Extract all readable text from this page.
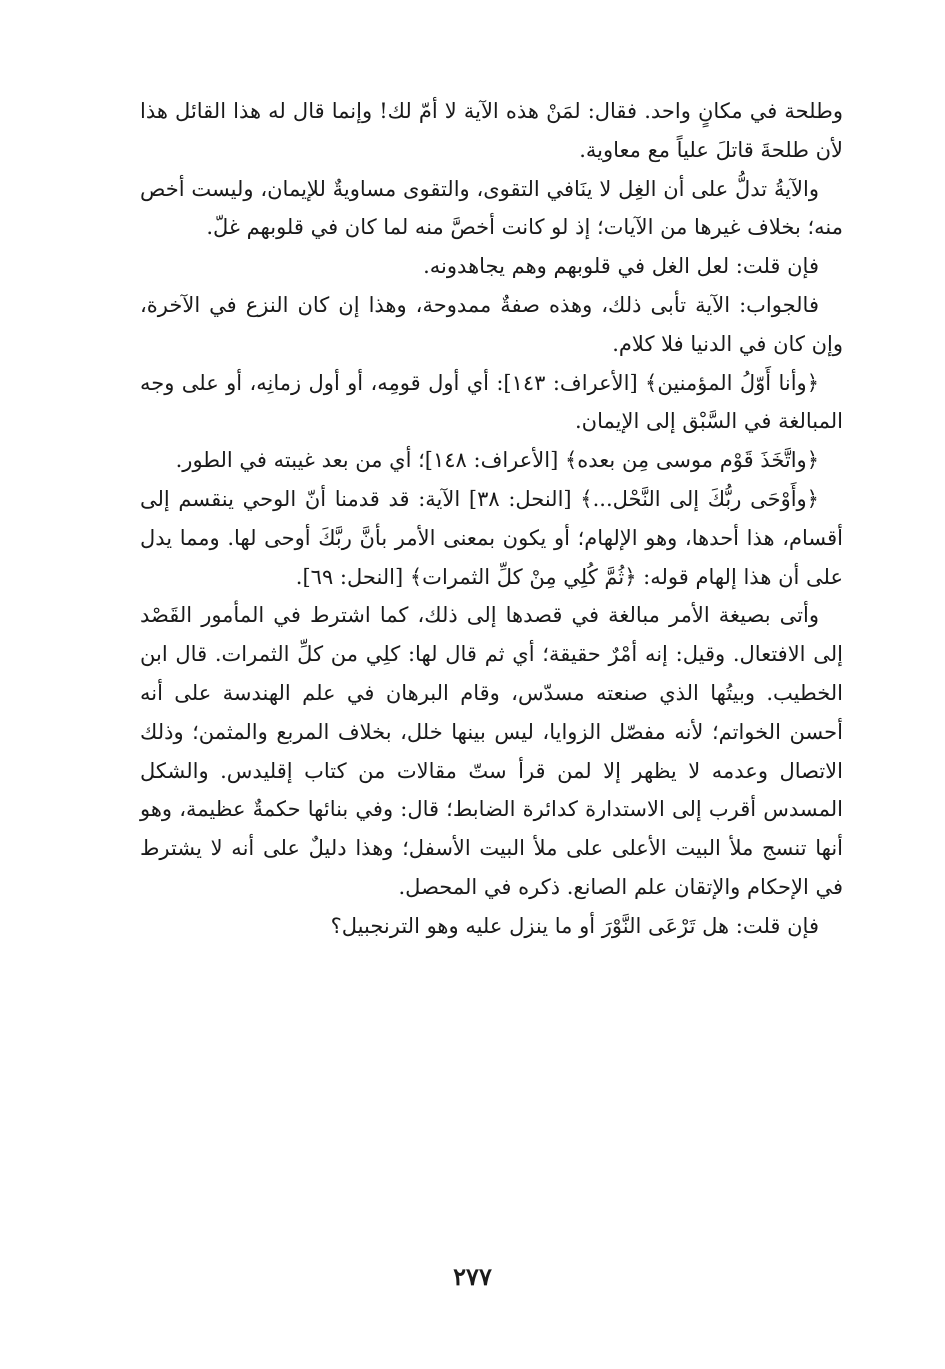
وطلحة في مكانٍ واحد. فقال: لمَنْ هذه الآية لا أمّ لك! وإنما قال له هذا القائل هذا لأن طلحةَ قاتلَ علياً مع معاوية.

والآيةُ تدلُّ على أن الغِل لا ينَافي التقوى، والتقوى مساويةٌ للإيمان، وليست أخص منه؛ بخلاف غيرها من الآيات؛ إذ لو كانت أخصَّ منه لما كان في قلوبهم غلّ.

فإن قلت: لعل الغل في قلوبهم وهم يجاهدونه.

فالجواب: الآية تأبى ذلك، وهذه صفةٌ ممدوحة، وهذا إن كان النزع في الآخرة، وإن كان في الدنيا فلا كلام.

﴿وأنا أَوّلُ المؤمنين﴾ [الأعراف: ١٤٣]: أي أول قومِه، أو أول زمانِه، أو على وجه المبالغة في السَّبْق إلى الإيمان.

﴿واتَّخَذَ قَوْم موسى مِن بعده﴾ [الأعراف: ١٤٨]؛ أي من بعد غيبته في الطور.

﴿وأَوْحَى ربُّكَ إلى النَّحْل...﴾ [النحل: ٣٨] الآية: قد قدمنا أنّ الوحي ينقسم إلى أقسام، هذا أحدها، وهو الإلهام؛ أو يكون بمعنى الأمر بأنَّ ربَّكَ أوحى لها. ومما يدل على أن هذا إلهام قوله: ﴿ثُمَّ كُلِي مِنْ كلِّ الثمرات﴾ [النحل: ٦٩].

وأتى بصيغة الأمر مبالغة في قصدها إلى ذلك، كما اشترط في المأمور القَصْد إلى الافتعال. وقيل: إنه أمْرٌ حقيقة؛ أي ثم قال لها: كلِي من كلِّ الثمرات. قال ابن الخطيب. وبيتُها الذي صنعته مسدّس، وقام البرهان في علم الهندسة على أنه أحسن الخواتم؛ لأنه مفصّل الزوايا، ليس بينها خلل، بخلاف المربع والمثمن؛ وذلك الاتصال وعدمه لا يظهر إلا لمن قرأ ستّ مقالات من كتاب إقليدس. والشكل المسدس أقرب إلى الاستدارة كدائرة الضابط؛ قال: وفي بنائها حكمةٌ عظيمة، وهو أنها تنسج ملأ البيت الأعلى على ملأ البيت الأسفل؛ وهذا دليلٌ على أنه لا يشترط في الإحكام والإتقان علم الصانع. ذكره في المحصل.

فإن قلت: هل تَرْعَى النَّوْرَ أو ما ينزل عليه وهو الترنجبيل؟

٢٧٧
